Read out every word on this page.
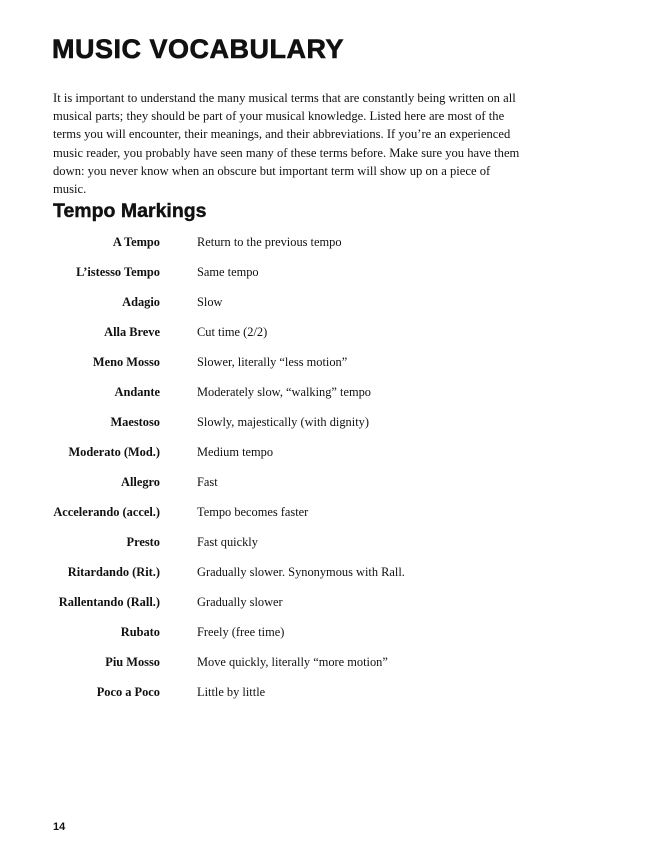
MUSIC VOCABULARY

It is important to understand the many musical terms that are constantly being written on all musical parts; they should be part of your musical knowledge. Listed here are most of the terms you will encounter, their meanings, and their abbreviations. If you’re an experienced music reader, you probably have seen many of these terms before. Make sure you have them down: you never know when an obscure but important term will show up on a piece of music.

Tempo Markings
A Tempo	Return to the previous tempo
L’istesso Tempo	Same tempo
Adagio	Slow
Alla Breve	Cut time (2/2)
Meno Mosso	Slower, literally “less motion”
Andante	Moderately slow, “walking” tempo
Maestoso	Slowly, majestically (with dignity)
Moderato (Mod.)	Medium tempo
Allegro	Fast
Accelerando (accel.)	Tempo becomes faster
Presto	Fast quickly
Ritardando (Rit.)	Gradually slower. Synonymous with Rall.
Rallentando (Rall.)	Gradually slower
Rubato	Freely (free time)
Piu Mosso	Move quickly, literally “more motion”
Poco a Poco	Little by little
14
